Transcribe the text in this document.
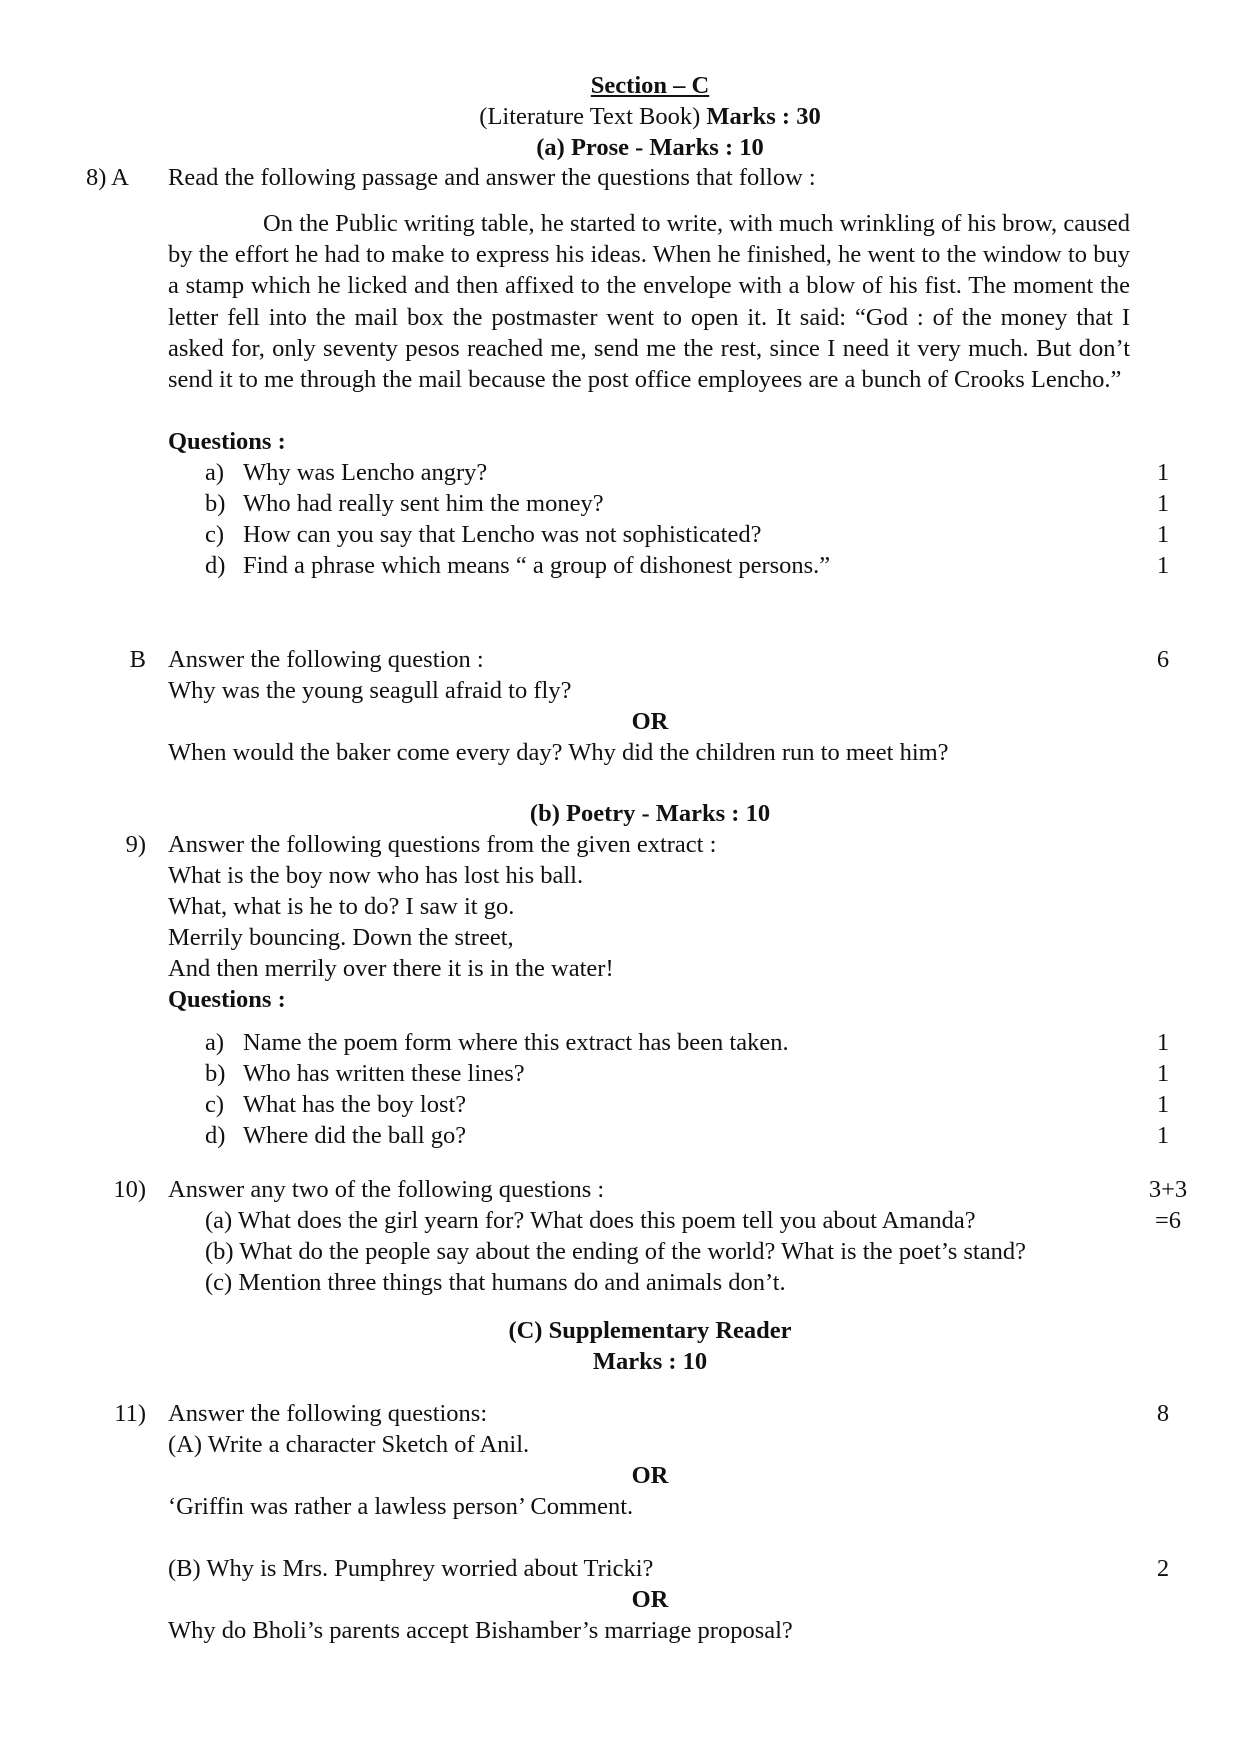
Section – C
(Literature Text Book) Marks : 30
(a) Prose - Marks : 10
8) A	Read the following passage and answer the questions that follow :
On the Public writing table, he started to write, with much wrinkling of his brow, caused by the effort he had to make to express his ideas. When he finished, he went to the window to buy a stamp which he licked and then affixed to the envelope with a blow of his fist. The moment the letter fell into the mail box the postmaster went to open it. It said: “God : of the money that I asked for, only seventy pesos reached me, send me the rest, since I need it very much. But don’t send it to me through the mail because the post office employees are a bunch of Crooks Lencho.”
Questions :
a) Why was Lencho angry?	1
b) Who had really sent him the money?	1
c) How can you say that Lencho was not sophisticated?	1
d) Find a phrase which means “ a group of dishonest persons.”	1
B Answer the following question :	6
Why was the young seagull afraid to fly?
OR
When would the baker come every day? Why did the children run to meet him?
(b) Poetry - Marks : 10
9) Answer the following questions from the given extract :
What is the boy now who has lost his ball.
What, what is he to do? I saw it go.
Merrily bouncing. Down the street,
And then merrily over there it is in the water!
Questions :
a) Name the poem form where this extract has been taken.	1
b) Who has written these lines?	1
c) What has the boy lost?	1
d) Where did the ball go?	1
10) Answer any two of the following questions :	3+3
=6
(a) What does the girl yearn for? What does this poem tell you about Amanda?
(b) What do the people say about the ending of the world? What is the poet’s stand?
(c) Mention three things that humans do and animals don’t.
(C) Supplementary Reader
Marks : 10
11) Answer the following questions:	8
(A) Write a character Sketch of Anil.
OR
‘Griffin was rather a lawless person’ Comment.
(B) Why is Mrs. Pumphrey worried about Tricki?	2
OR
Why do Bholi’s parents accept Bishamber’s marriage proposal?
